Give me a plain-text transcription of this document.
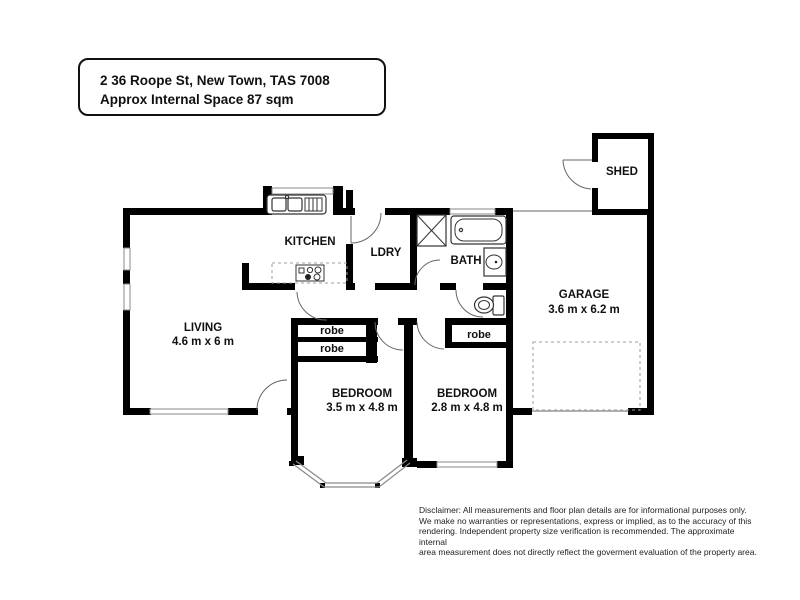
2 36 Roope St, New Town, TAS 7008
Approx Internal Space 87 sqm
KITCHEN
LDRY
BATH
SHED
GARAGE
3.6 m x 6.2 m
LIVING
4.6 m x 6 m
BEDROOM
3.5 m x 4.8 m
BEDROOM
2.8 m x 4.8 m
robe
robe
robe
Disclaimer: All measurements and floor plan details are for informational purposes only.
We make no warranties or representations, express or implied, as to the accuracy of this
rendering. Independent property size verification is recommended. The approximate internal
area measurement does not directly reflect the goverment evaluation of the property area.
